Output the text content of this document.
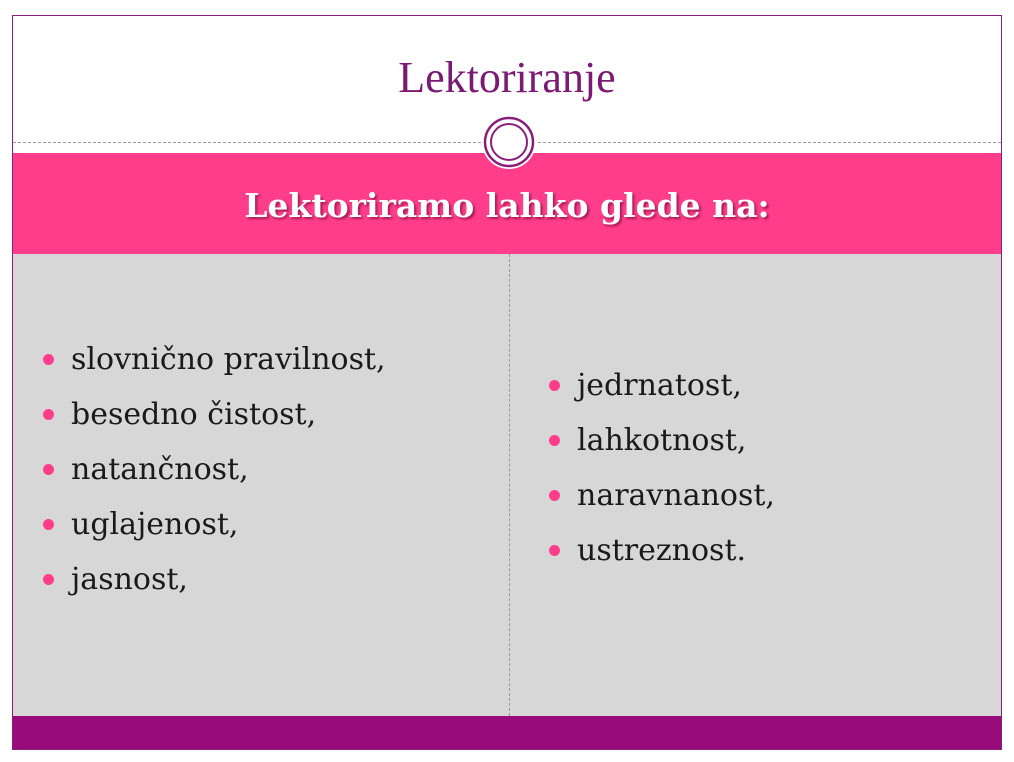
Lektoriranje
Lektoriramo lahko glede na:
slovnično pravilnost,
besedno čistost,
natančnost,
uglajenost,
jasnost,
jedrnatost,
lahkotnost,
naravnanost,
ustreznost.
